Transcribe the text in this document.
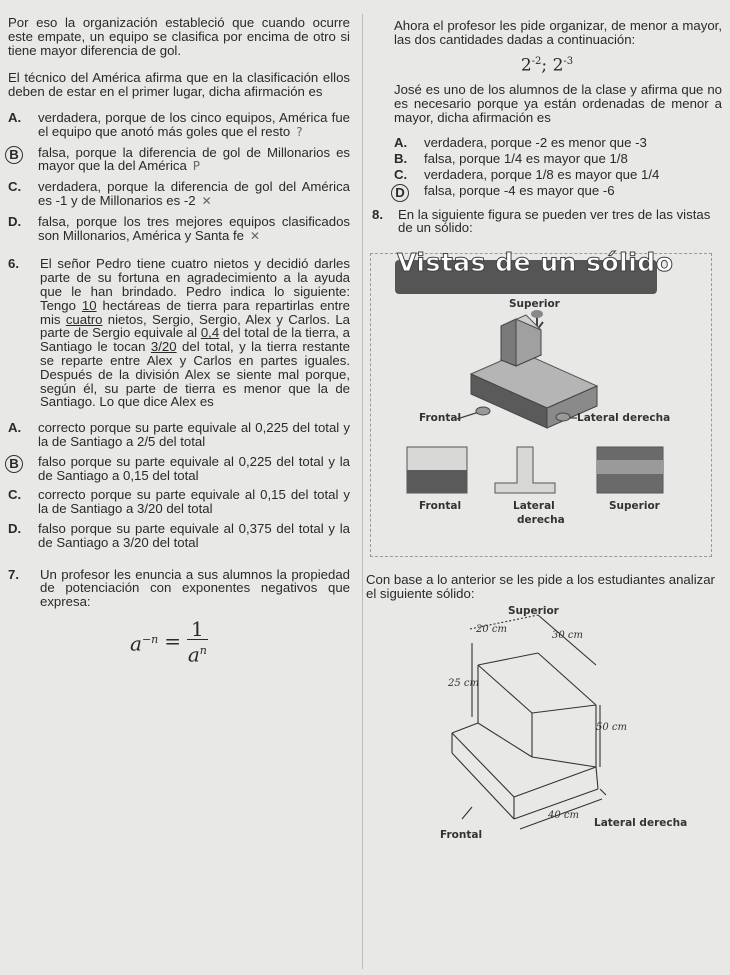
Por eso la organización estableció que cuando ocurre este empate, un equipo se clasifica por encima de otro si tiene mayor diferencia de gol.

El técnico del América afirma que en la clasificación ellos deben de estar en el primer lugar, dicha afirmación es

A. verdadera, porque de los cinco equipos, América fue el equipo que anotó más goles que el resto ?

B	falsa, porque la diferencia de gol de Millonarios es mayor que la del América P

C. verdadera, porque la diferencia de gol del América es -1 y de Millonarios es -2 ✕

D. falsa, porque los tres mejores equipos clasificados son Millonarios, América y Santa fe ✕

6. El señor Pedro tiene cuatro nietos y decidió darles parte de su fortuna en agradecimiento a la ayuda que le han brindado. Pedro indica lo siguiente: Tengo 10 hectáreas de tierra para repartirlas entre mis cuatro nietos, Sergio, Sergio, Alex y Carlos. La parte de Sergio equivale al 0,4 del total de la tierra, a Santiago le tocan 3/20 del total, y la tierra restante se reparte entre Alex y Carlos en partes iguales. Después de la división Alex se siente mal porque, según él, su parte de tierra es menor que la de Santiago. Lo que dice Alex es

A. correcto porque su parte equivale al 0,225 del total y la de Santiago a 2/5 del total

B	falso porque su parte equivale al 0,225 del total y la de Santiago a 0,15 del total

C. correcto porque su parte equivale al 0,15 del total y la de Santiago a 3/20 del total

D. falso porque su parte equivale al 0,375 del total y la de Santiago a 3/20 del total

7. Un profesor les enuncia a sus alumnos la propiedad de potenciación con exponentes negativos que expresa:

$a^{-n} = \frac{1}{a^n}$

Ahora el profesor les pide organizar, de menor a mayor, las dos cantidades dadas a continuación:

$2^{-2}$; $2^{-3}$

José es uno de los alumnos de la clase y afirma que no es necesario porque ya están ordenadas de menor a mayor, dicha afirmación es

A. verdadera, porque -2 es menor que -3

B. falsa, porque 1/4 es mayor que 1/8

C. verdadera, porque 1/8 es mayor que 1/4

D	falsa, porque -4 es mayor que -6

8. En la siguiente figura se pueden ver tres de las vistas de un sólido:

Vistas de un sólido
Superior
Frontal	Lateral derecha
Frontal	Lateral
derecha
Superior

Con base a lo anterior se les pide a los estudiantes analizar el siguiente sólido:

Superior
20 cm
30 cm
25 cm
50 cm
40 cm
Lateral derecha
Frontal
